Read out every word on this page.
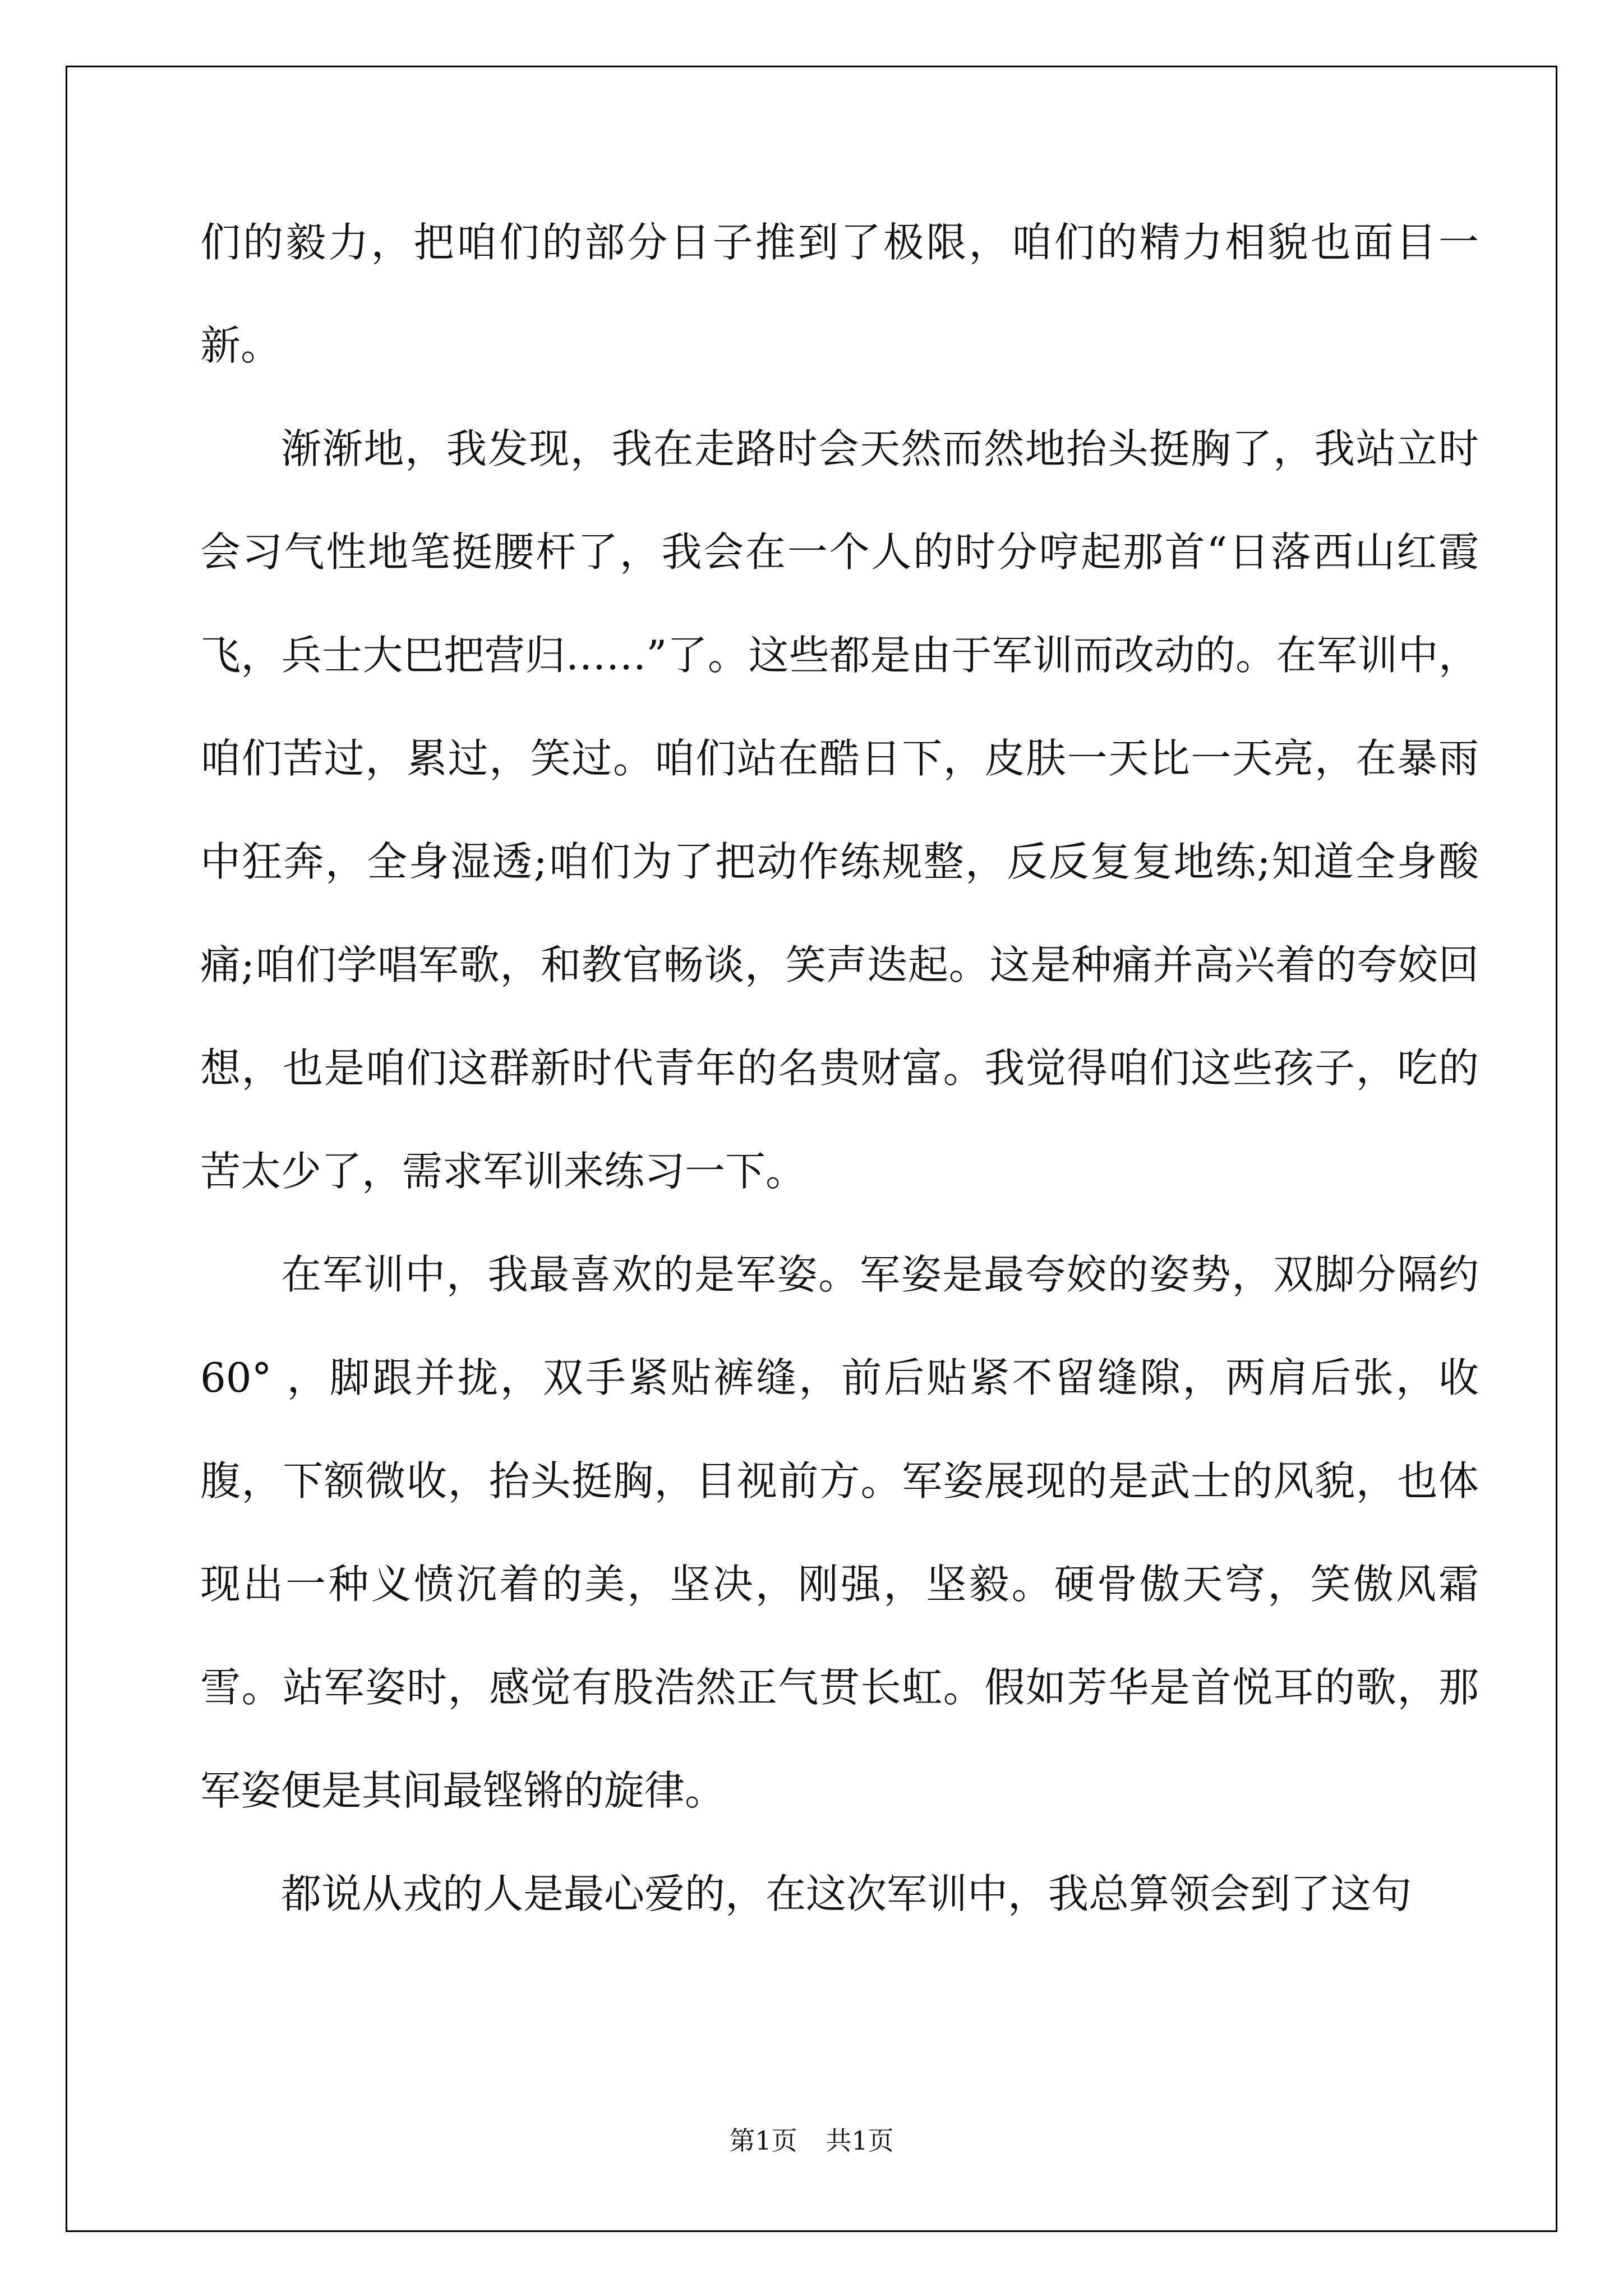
们的毅力，把咱们的部分日子推到了极限，咱们的精力相貌也面目一新。

渐渐地，我发现，我在走路时会天然而然地抬头挺胸了，我站立时会习气性地笔挺腰杆了，我会在一个人的时分哼起那首“日落西山红霞飞，兵士大巴把营归……”了。这些都是由于军训而改动的。在军训中，咱们苦过，累过，笑过。咱们站在酷日下，皮肤一天比一天亮，在暴雨中狂奔，全身湿透;咱们为了把动作练规整，反反复复地练;知道全身酸痛;咱们学唱军歌，和教官畅谈，笑声迭起。这是种痛并高兴着的夸姣回想，也是咱们这群新时代青年的名贵财富。我觉得咱们这些孩子，吃的苦太少了，需求军训来练习一下。

在军训中，我最喜欢的是军姿。军姿是最夸姣的姿势，双脚分隔约 60° ，脚跟并拢，双手紧贴裤缝，前后贴紧不留缝隙，两肩后张，收腹，下额微收，抬头挺胸，目视前方。军姿展现的是武士的风貌，也体现出一种义愤沉着的美，坚决，刚强，坚毅。硬骨傲天穹，笑傲风霜雪。站军姿时，感觉有股浩然正气贯长虹。假如芳华是首悦耳的歌，那军姿便是其间最铿锵的旋律。

都说从戎的人是最心爱的，在这次军训中，我总算领会到了这句

第1页 共1页
